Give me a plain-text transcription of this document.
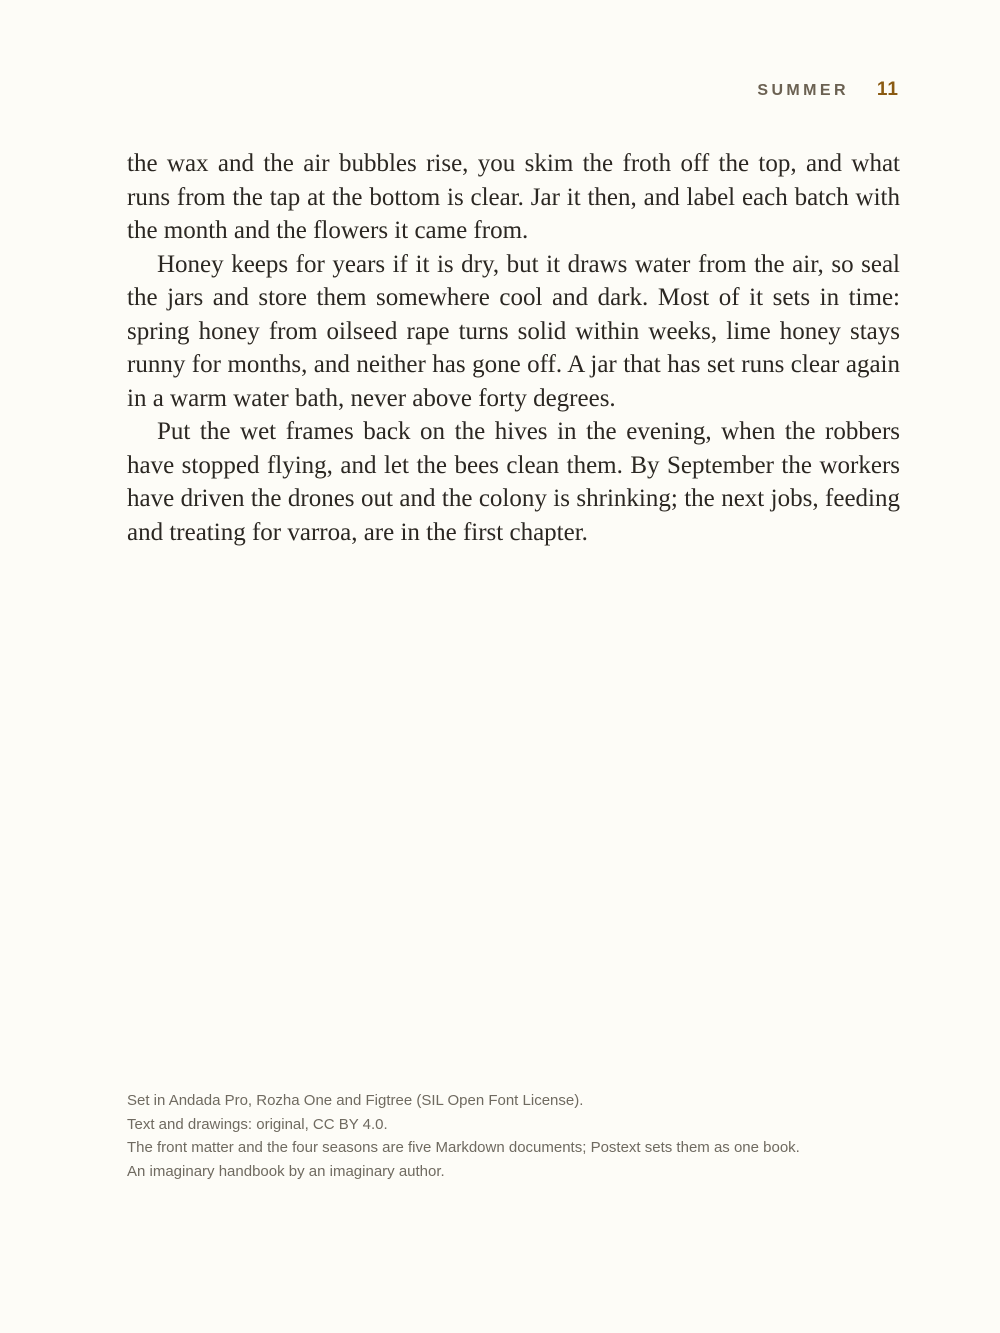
SUMMER 11

the wax and the air bubbles rise, you skim the froth off the top, and what runs from the tap at the bottom is clear. Jar it then, and label each batch with the month and the flowers it came from.

Honey keeps for years if it is dry, but it draws water from the air, so seal the jars and store them somewhere cool and dark. Most of it sets in time: spring honey from oilseed rape turns solid within weeks, lime honey stays runny for months, and neither has gone off. A jar that has set runs clear again in a warm water bath, never above forty degrees.

Put the wet frames back on the hives in the evening, when the robbers have stopped flying, and let the bees clean them. By September the workers have driven the drones out and the colony is shrinking; the next jobs, feeding and treating for varroa, are in the first chapter.

Set in Andada Pro, Rozha One and Figtree (SIL Open Font License).
Text and drawings: original, CC BY 4.0.
The front matter and the four seasons are five Markdown documents; Postext sets them as one book.
An imaginary handbook by an imaginary author.
